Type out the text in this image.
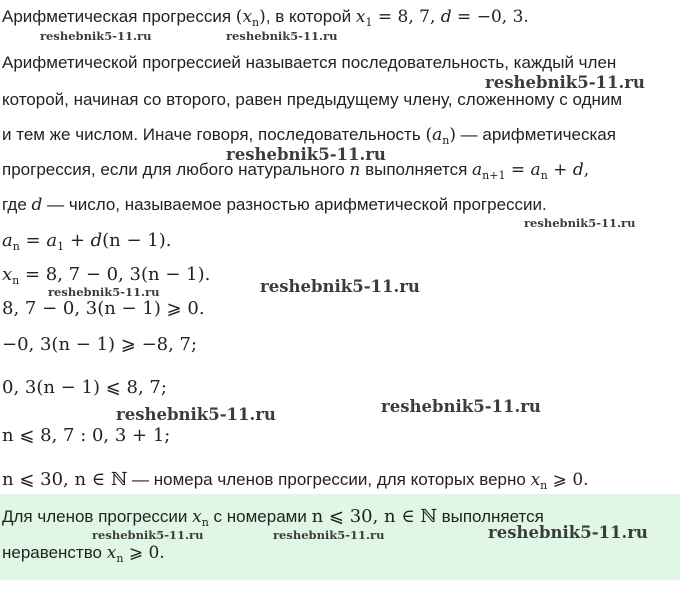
Арифметическая прогрессия $(x_n)$, в которой $x_1 = 8$, 7, d = −0, 3.
Арифметической прогрессией называется последовательность, каждый член
которой, начиная со второго, равен предыдущему члену, сложенному с одним
и тем же числом. Иначе говоря, последовательность $(a_n)$ — арифметическая
прогрессия, если для любого натурального n выполняется $a_{n+1} = a_n + d$,
где d — число, называемое разностью арифметической прогрессии.
$a_n = a_1 + d(n - 1)$.
$x_n = 8$, 7 − 0, 3(n − 1).
8, 7 − 0, 3(n − 1) ⩾ 0.
−0, 3(n − 1) ⩾ −8, 7;
0, 3(n − 1) ⩽ 8, 7;
n ⩽ 8, 7 : 0, 3 + 1;
n ⩽ 30, n ∈ ℕ — номера членов прогрессии, для которых верно $x_n$ ⩾ 0.
Для членов прогрессии $x_n$ с номерами n ⩽ 30, n ∈ ℕ выполняется
неравенство $x_n$ ⩾ 0.
reshebnik5-11.ru	reshebnik5-11.ru
reshebnik5-11.ru
reshebnik5-11.ru
reshebnik5-11.ru
reshebnik5-11.ru	reshebnik5-11.ru
reshebnik5-11.ru
reshebnik5-11.ru
reshebnik5-11.ru	reshebnik5-11.ru	reshebnik5-11.ru
